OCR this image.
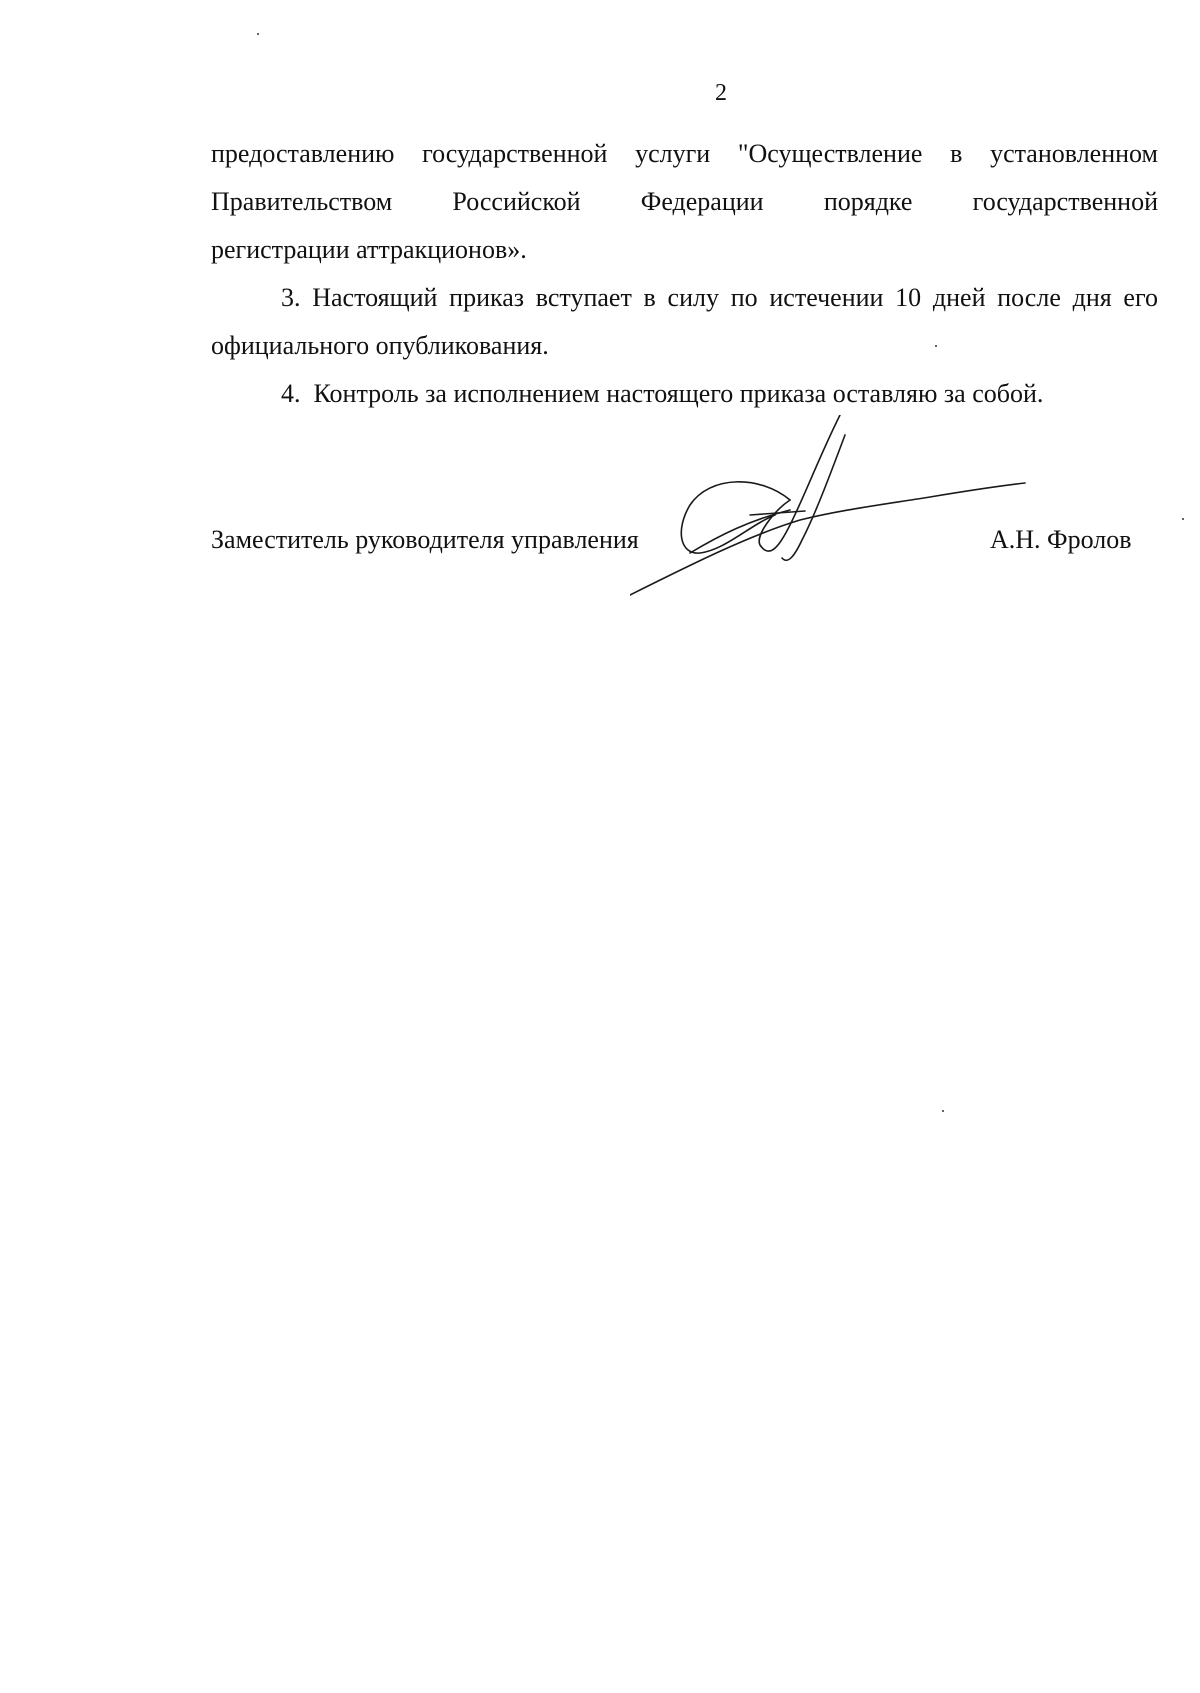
2

предоставлению государственной услуги "Осуществление в установленном

Правительством Российской Федерации порядке государственной

регистрации аттракционов».

3. Настоящий приказ вступает в силу по истечении 10 дней после дня его официального опубликования.

4.  Контроль за исполнением настоящего приказа оставляю за собой.

Заместитель руководителя управления	А.Н. Фролов
